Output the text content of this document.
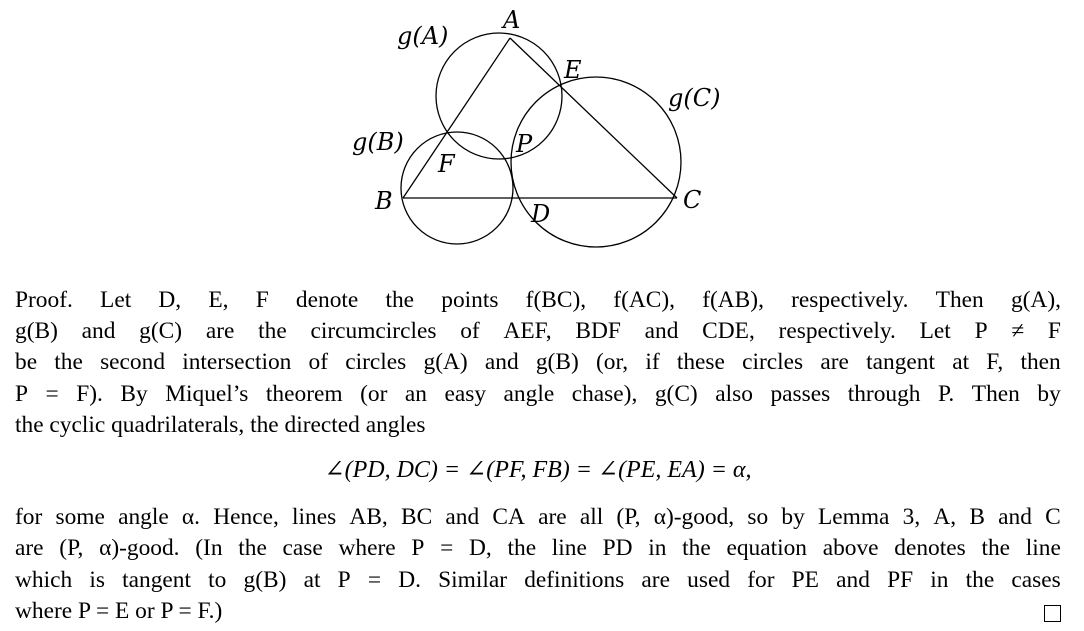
A
E
P
F
B	D	C
g(A)
g(B)
g(C)
Proof. Let D, E, F denote the points f(BC), f(AC), f(AB), respectively. Then g(A),
g(B) and g(C) are the circumcircles of AEF, BDF and CDE, respectively. Let P ≠ F
be the second intersection of circles g(A) and g(B) (or, if these circles are tangent at F, then
P = F). By Miquel’s theorem (or an easy angle chase), g(C) also passes through P. Then by
the cyclic quadrilaterals, the directed angles
∠(PD, DC) = ∠(PF, FB) = ∠(PE, EA) = α,
for some angle α. Hence, lines AB, BC and CA are all (P, α)-good, so by Lemma 3, A, B and C
are (P, α)-good. (In the case where P = D, the line PD in the equation above denotes the line
which is tangent to g(B) at P = D. Similar definitions are used for PE and PF in the cases
where P = E or P = F.)
